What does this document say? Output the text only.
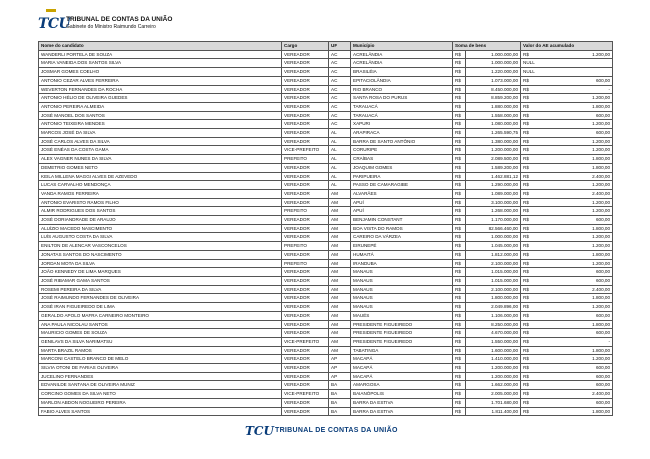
TCU
TRIBUNAL DE CONTAS DA UNIÃO
Gabinete do Ministro Raimundo Carreiro
Nome do candidato	Cargo	UF	Município	Soma de bens		Valor do AE acumulado	
WANDERLI PORTELA DE SOUZA	VEREADOR	AC	ACRELÂNDIA	R$	1.000.000,00	R$	1.200,00
MARIA VANEIDA DOS SANTOS SILVA	VEREADOR	AC	ACRELÂNDIA	R$	1.000.000,00	NULL	
JOSMAR GOMES COELHO	VEREADOR	AC	BRASILÉIA	R$	1.220.000,00	NULL	
ANTONIO CEZAR ALVES FERREIRA	VEREADOR	AC	EPITACIOLÂNDIA	R$	1.073.000,00	R$	600,00
WEVERTON FERNANDES DA ROCHA	VEREADOR	AC	RIO BRANCO	R$	8.450.000,00	R$	-
ANTONIO HÉLIO DE OLIVEIRA GUEDES	VEREADOR	AC	SANTA ROSA DO PURUS	R$	8.859.200,00	R$	1.200,00
ANTONIO PEREIRA ALMEIDA	VEREADOR	AC	TARAUACÁ	R$	1.880.000,00	R$	1.800,00
JOSÉ MANOEL DOS SANTOS	VEREADOR	AC	TARAUACÁ	R$	1.558.000,00	R$	600,00
ANTONIO TEIXEIRA MENDES	VEREADOR	AC	XAPURI	R$	1.080.000,00	R$	1.200,00
MARCOS JOSÉ DA SILVA	VEREADOR	AL	ARAPIRACA	R$	1.265.590,75	R$	600,00
JOSÉ CARLOS ALVES DA SILVA	VEREADOR	AL	BARRA DE SANTO ANTÔNIO	R$	1.380.000,00	R$	1.200,00
JOSÉ ENÉAS DA COSTA GAMA	VICE-PREFEITO	AL	CORURIPE	R$	1.200.000,00	R$	1.200,00
ALEX VAGNER NUNES DA SILVA	PREFEITO	AL	CRAÍBAS	R$	2.089.500,00	R$	1.800,00
DEMETRIO GOMES NETO	VEREADOR	AL	JOAQUIM GOMES	R$	1.589.200,00	R$	1.800,00
KEILA MILLENA MAGGI ALVES DE AZEVEDO	VEREADOR	AL	PARIPUEIRA	R$	1.462.881,12	R$	2.400,00
LUCAS CARVALHO MENDONÇA	VEREADOR	AL	PASSO DE CAMARAGIBE	R$	1.290.000,00	R$	1.200,00
VANDA RAMOS FERREIRA	VEREADOR	AM	ALVARÃES	R$	1.089.000,00	R$	2.400,00
ANTONIO EVARISTO RAMOS FILHO	VEREADOR	AM	APUÍ	R$	3.100.000,00	R$	1.200,00
ALMIR RODRIGUES DOS SANTOS	PREFEITO	AM	APUÍ	R$	1.268.000,00	R$	1.200,00
JOSÉ DORIANDRADE DE ARAUJO	VEREADOR	AM	BENJAMIN CONSTANT	R$	1.170.000,00	R$	600,00
ALUÍZIO MACEDO NASCIMENTO	VEREADOR	AM	BOA VISTA DO RAMOS	R$	82.566.460,00	R$	1.800,00
LUÍS AUGUSTO COSTA DA SILVA	VEREADOR	AM	CAREIRO DA VÁRZEA	R$	1.000.000,00	R$	1.200,00
ENILTON DE ALENCAR VASCONCELOS	PREFEITO	AM	EIRUNEPÉ	R$	1.045.000,00	R$	1.200,00
JONATAS SANTOS DO NASCIMENTO	VEREADOR	AM	HUMAITÁ	R$	1.812.000,00	R$	1.800,00
JORDAN MOTA DA SILVA	PREFEITO	AM	IRANDUBA	R$	2.100.000,00	R$	1.200,00
JOÃO KENNEDY DE LIMA MARQUES	VEREADOR	AM	MANAUS	R$	1.015.000,00	R$	600,00
JOSÉ RIBAMAR GAMA SANTOS	VEREADOR	AM	MANAUS	R$	1.015.000,00	R$	600,00
ROSEMI PEREIRA DA SILVA	VEREADOR	AM	MANAUS	R$	2.100.000,00	R$	2.400,00
JOSÉ RAIMUNDO FERNANDES DE OLIVEIRA	VEREADOR	AM	MANAUS	R$	1.800.000,00	R$	1.800,00
JOSÉ IRAN FIGUEIREDO DE LIMA	VEREADOR	AM	MANAUS	R$	2.049.896,00	R$	1.200,00
GERALDO APOLO MAFRA CARNEIRO MONTEIRO	VEREADOR	AM	MAUÉS	R$	1.106.000,00	R$	600,00
ANA PAULA NICOLAU SANTOS	VEREADOR	AM	PRESIDENTE FIGUEIREDO	R$	8.250.000,00	R$	1.800,00
MAURICIO GOMES DE SOUZA	VEREADOR	AM	PRESIDENTE FIGUEIREDO	R$	4.670.000,00	R$	600,00
GENILAVS DA SILVA NARIMATSU	VICE-PREFEITO	AM	PRESIDENTE FIGUEIREDO	R$	1.550.000,00	R$	-
MARTA BRAZIL RAMOS	VEREADOR	AM	TABATINGA	R$	1.600.000,00	R$	1.800,00
MARCONI CASTELO BRANCO DE MELO	VEREADOR	AP	MACAPÁ	R$	1.410.000,00	R$	1.200,00
SILVIA OTONI DE FARIAS OLIVEIRA	VEREADOR	AP	MACAPÁ	R$	1.200.000,00	R$	600,00
JUCELINO FERNANDES	VEREADOR	AP	MACAPÁ	R$	1.200.000,00	R$	600,00
EDVANILDE SANTANA DE OLIVEIRA MUNIZ	VEREADOR	BA	AMARGOSA	R$	1.662.000,00	R$	600,00
CORCINO GOMES DA SILVA NETO	VICE-PREFEITO	BA	BAIANÓPOLIS	R$	2.005.000,00	R$	2.400,00
MARLON ABDON NOGUEIRO PEREIRA	VEREADOR	BA	BARRA DA ESTIVA	R$	1.701.680,00	R$	600,00
FABIO ALVES SANTOS	VEREADOR	BA	BARRA DA ESTIVA	R$	1.811.400,00	R$	1.800,00
TCU TRIBUNAL DE CONTAS DA UNIÃO
